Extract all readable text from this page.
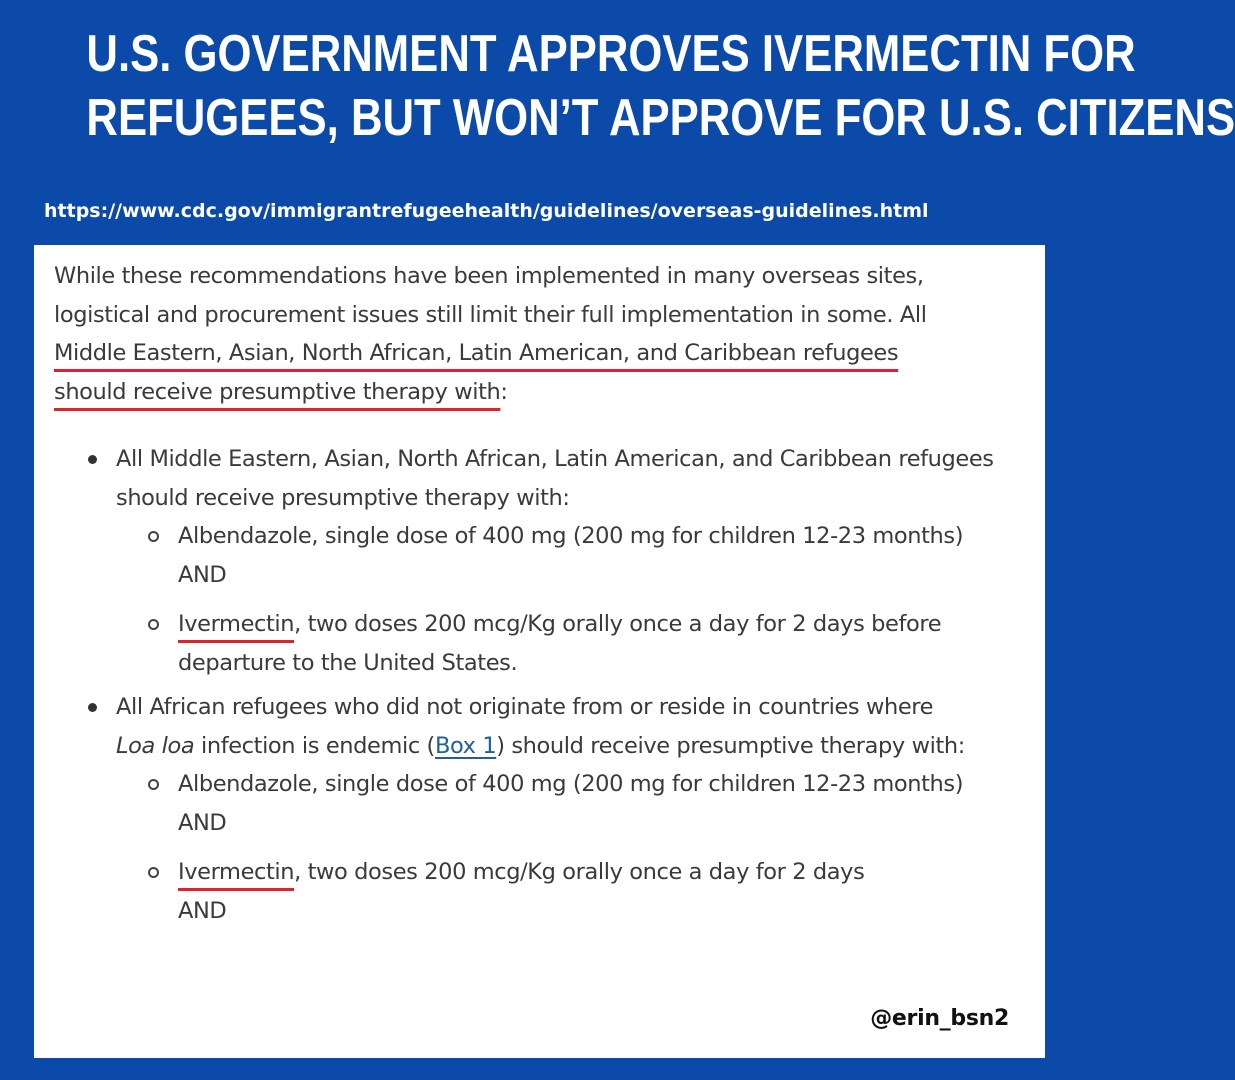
U.S. GOVERNMENT APPROVES IVERMECTIN FOR
REFUGEES, BUT WON’T APPROVE FOR U.S. CITIZENS
https://www.cdc.gov/immigrantrefugeehealth/guidelines/overseas-guidelines.html

While these recommendations have been implemented in many overseas sites,
logistical and procurement issues still limit their full implementation in some. All
Middle Eastern, Asian, North African, Latin American, and Caribbean refugees
should receive presumptive therapy with:

All Middle Eastern, Asian, North African, Latin American, and Caribbean refugees should receive presumptive therapy with:
Albendazole, single dose of 400 mg (200 mg for children 12-23 months)
AND
Ivermectin, two doses 200 mcg/Kg orally once a day for 2 days before departure to the United States.
All African refugees who did not originate from or reside in countries where
Loa loa infection is endemic (Box 1) should receive presumptive therapy with:
Albendazole, single dose of 400 mg (200 mg for children 12-23 months)
AND
Ivermectin, two doses 200 mcg/Kg orally once a day for 2 days
AND
@erin_bsn2
